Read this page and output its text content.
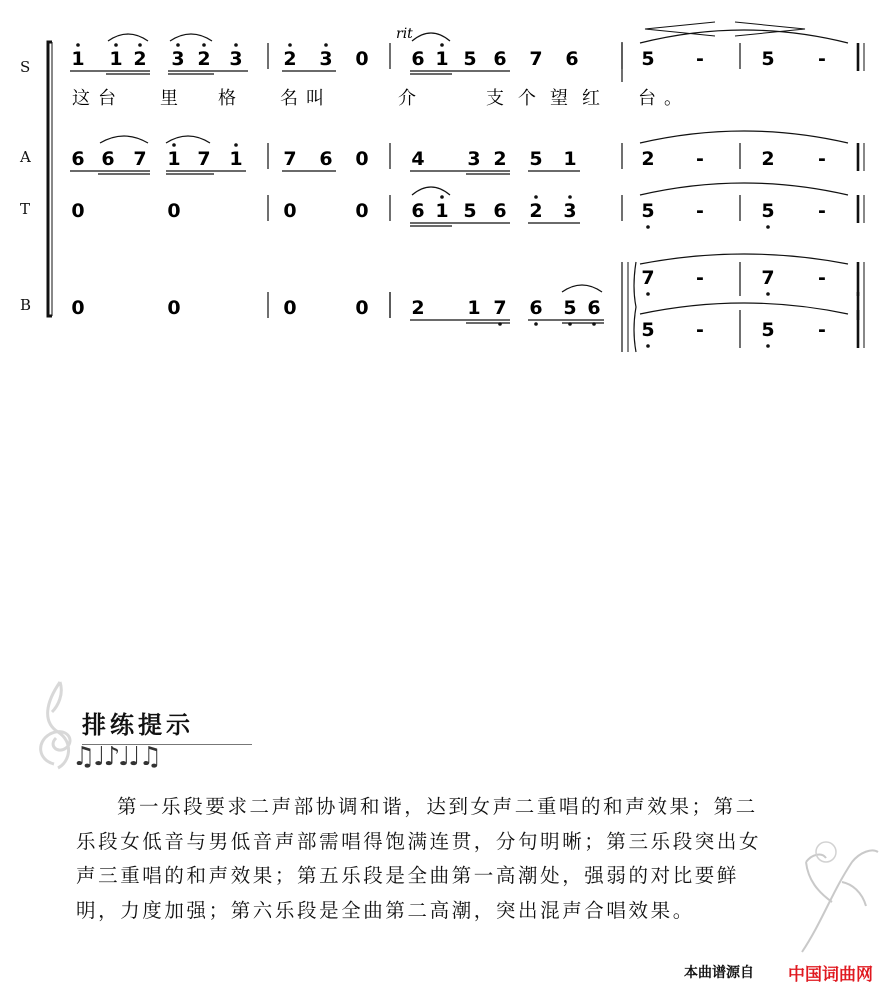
S
A
T
B
rit
1 1 2 3 2 3 2 3 0 6 1 5 6 7 6	5 -	5 -
这台 里 格 名叫	介	支个望红 台。
6 6 7 1 7 1 7 6 0 4 3 2 5 1	2 -	2 -
0	0	0	0 6 1 5 6 2 3	5 -	5 -
0	0	0	0 2 1 7 6 5 6
7 -	7 -
5 -	5 -
排练提示
♫♩♪♩♩♫
第一乐段要求二声部协调和谐，达到女声二重唱的和声效果；第二乐段女低音与男低音声部需唱得饱满连贯，分句明晰；第三乐段突出女声三重唱的和声效果；第五乐段是全曲第一高潮处，强弱的对比要鲜明，力度加强；第六乐段是全曲第二高潮，突出混声合唱效果。
本曲谱源自 中国词曲网
